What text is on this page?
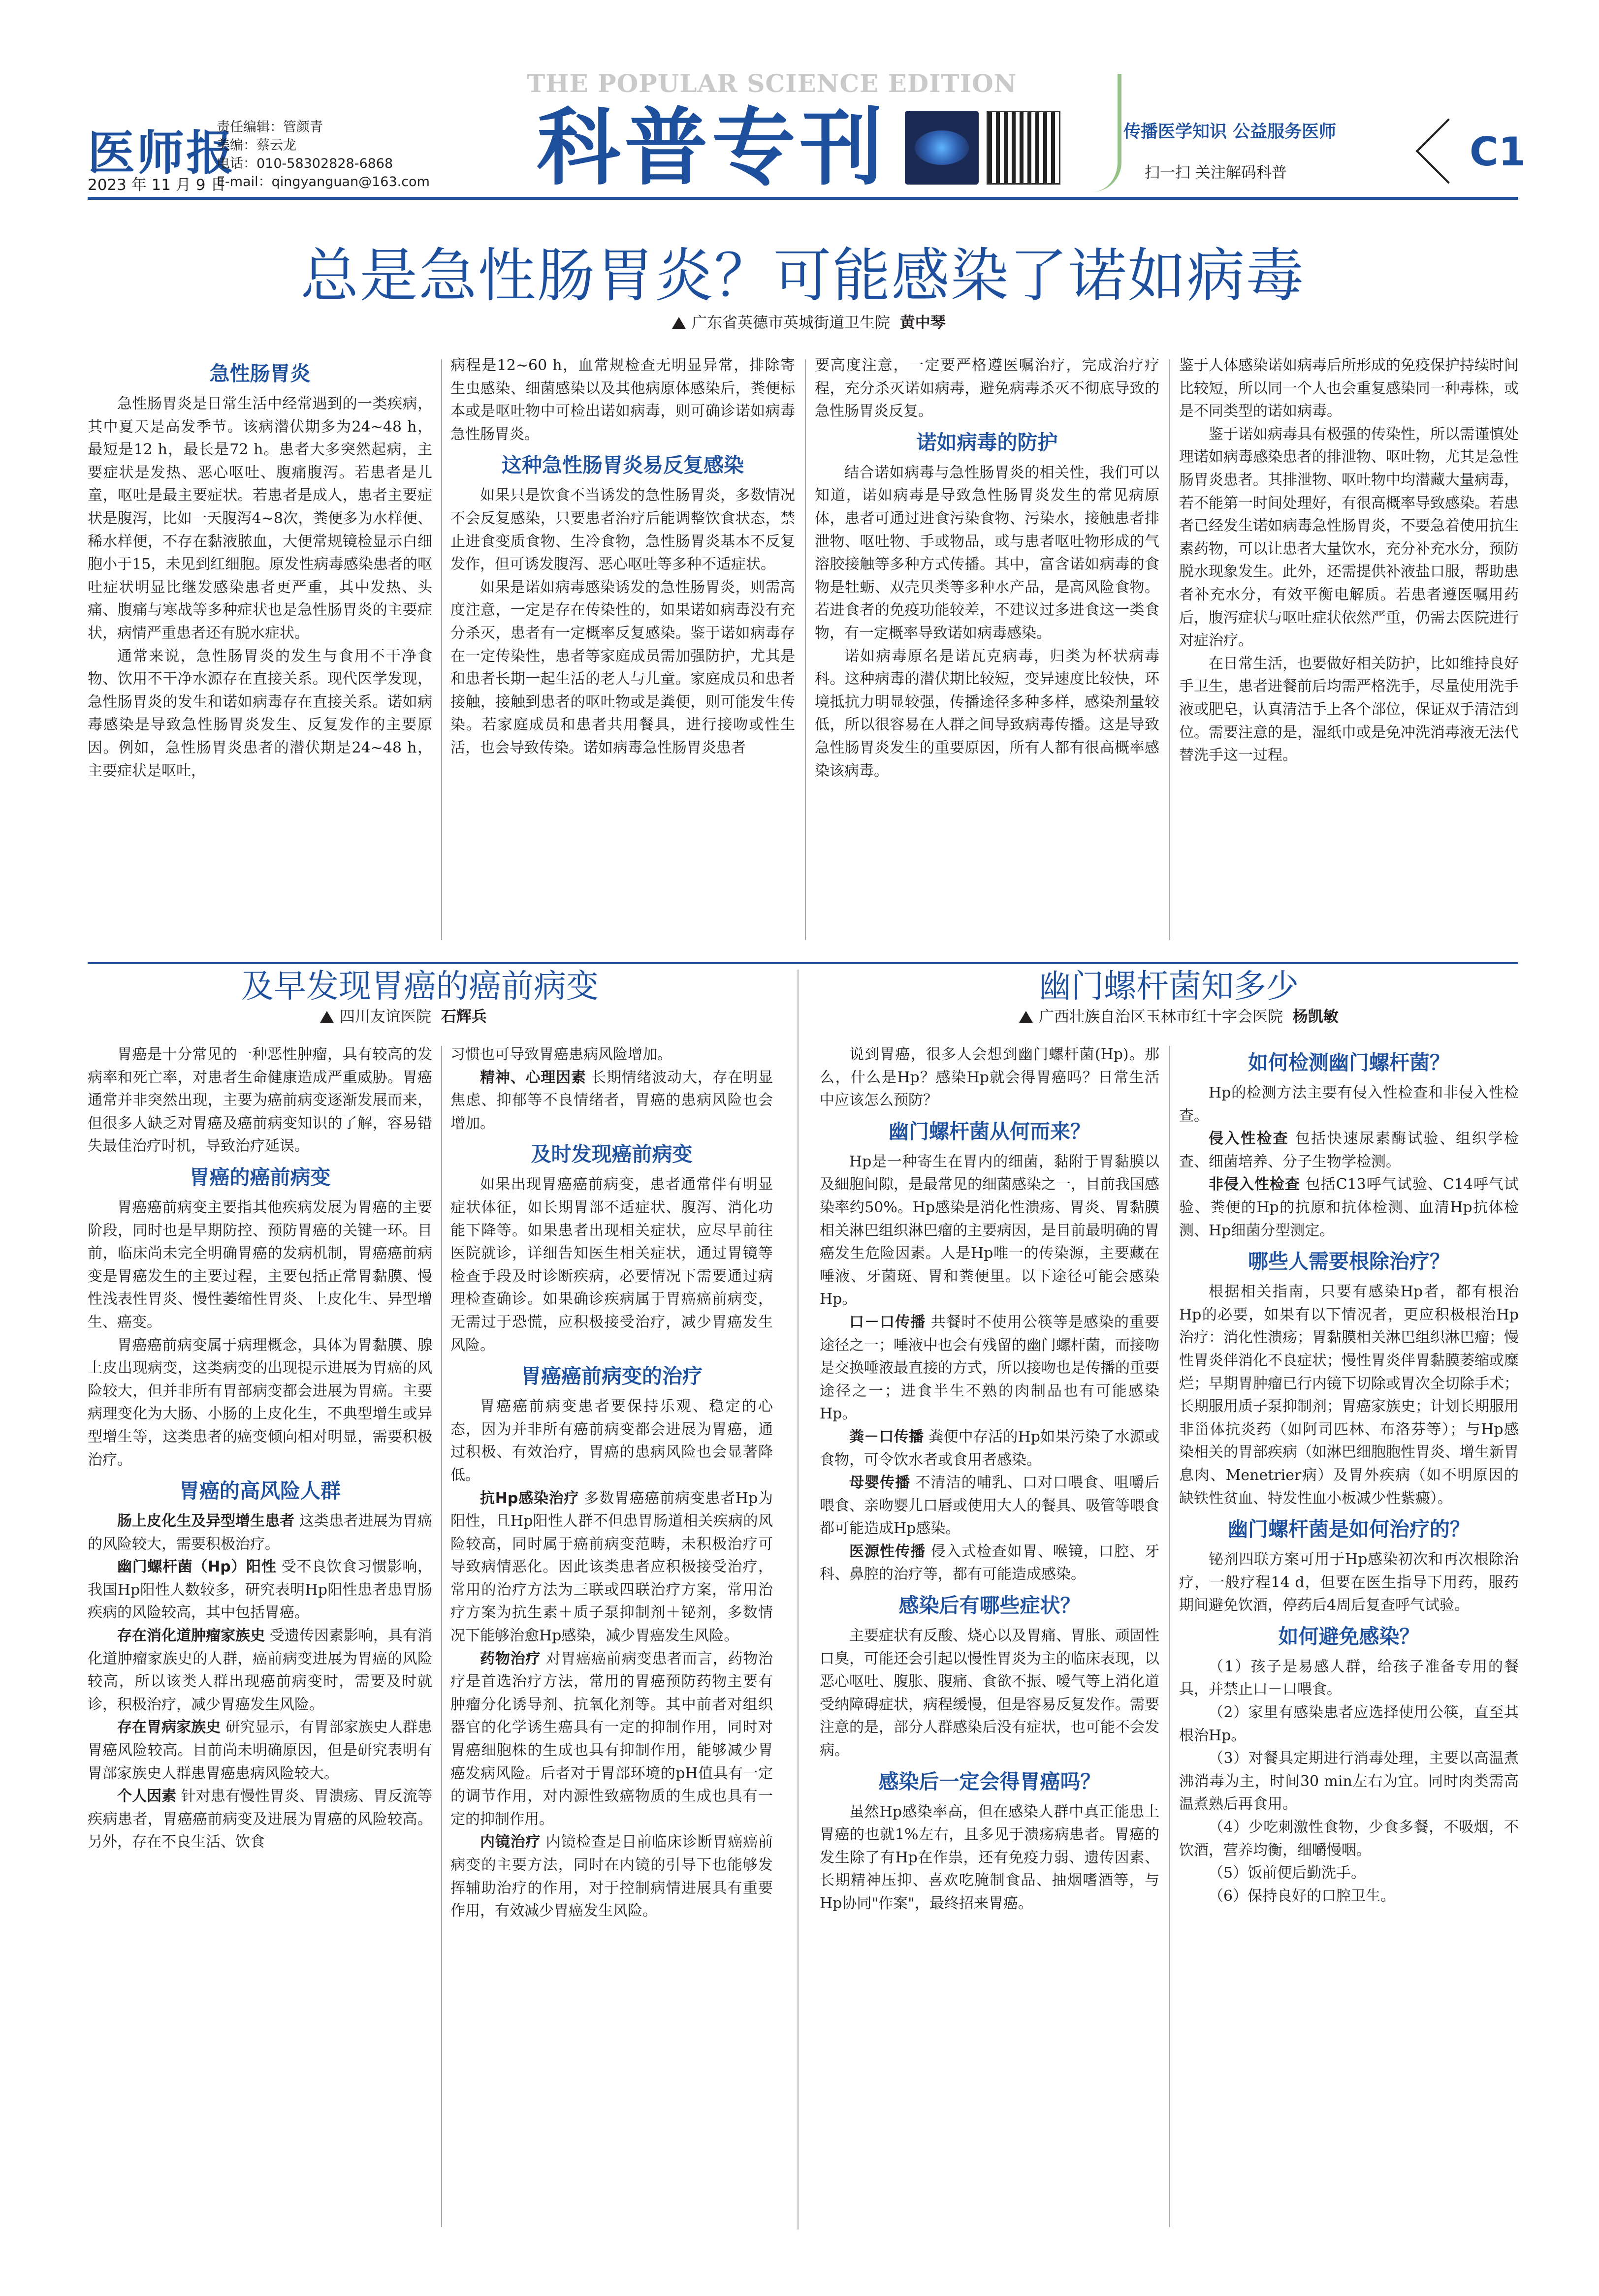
医师报
2023 年 11 月 9 日
责任编辑：管颜青
美编：蔡云龙
电话：010-58302828-6868
E-mail：qingyanguan@163.com
THE POPULAR SCIENCE EDITION
科普专刊	传播医学知识 公益服务医师
扫一扫 关注解码科普	C1
总是急性肠胃炎？可能感染了诺如病毒
广东省英德市英城街道卫生院 黄中琴
急性肠胃炎

急性肠胃炎是日常生活中经常遇到的一类疾病，其中夏天是高发季节。该病潜伏期多为24~48 h，最短是12 h，最长是72 h。患者大多突然起病，主要症状是发热、恶心呕吐、腹痛腹泻。若患者是儿童，呕吐是最主要症状。若患者是成人，患者主要症状是腹泻，比如一天腹泻4~8次，粪便多为水样便、稀水样便，不存在黏液脓血，大便常规镜检显示白细胞小于15，未见到红细胞。原发性病毒感染患者的呕吐症状明显比继发感染患者更严重，其中发热、头痛、腹痛与寒战等多种症状也是急性肠胃炎的主要症状，病情严重患者还有脱水症状。

通常来说，急性肠胃炎的发生与食用不干净食物、饮用不干净水源存在直接关系。现代医学发现，急性肠胃炎的发生和诺如病毒存在直接关系。诺如病毒感染是导致急性肠胃炎发生、反复发作的主要原因。例如，急性肠胃炎患者的潜伏期是24~48 h，主要症状是呕吐，

病程是12~60 h，血常规检查无明显异常，排除寄生虫感染、细菌感染以及其他病原体感染后，粪便标本或是呕吐物中可检出诺如病毒，则可确诊诺如病毒急性肠胃炎。

这种急性肠胃炎易反复感染

如果只是饮食不当诱发的急性肠胃炎，多数情况不会反复感染，只要患者治疗后能调整饮食状态，禁止进食变质食物、生冷食物，急性肠胃炎基本不反复发作，但可诱发腹泻、恶心呕吐等多种不适症状。

如果是诺如病毒感染诱发的急性肠胃炎，则需高度注意，一定是存在传染性的，如果诺如病毒没有充分杀灭，患者有一定概率反复感染。鉴于诺如病毒存在一定传染性，患者等家庭成员需加强防护，尤其是和患者长期一起生活的老人与儿童。家庭成员和患者接触，接触到患者的呕吐物或是粪便，则可能发生传染。若家庭成员和患者共用餐具，进行接吻或性生活，也会导致传染。诺如病毒急性肠胃炎患者

要高度注意，一定要严格遵医嘱治疗，完成治疗疗程，充分杀灭诺如病毒，避免病毒杀灭不彻底导致的急性肠胃炎反复。

诺如病毒的防护

结合诺如病毒与急性肠胃炎的相关性，我们可以知道，诺如病毒是导致急性肠胃炎发生的常见病原体，患者可通过进食污染食物、污染水，接触患者排泄物、呕吐物、手或物品，或与患者呕吐物形成的气溶胶接触等多种方式传播。其中，富含诺如病毒的食物是牡蛎、双壳贝类等多种水产品，是高风险食物。若进食者的免疫功能较差，不建议过多进食这一类食物，有一定概率导致诺如病毒感染。

诺如病毒原名是诺瓦克病毒，归类为杯状病毒科。这种病毒的潜伏期比较短，变异速度比较快，环境抵抗力明显较强，传播途径多种多样，感染剂量较低，所以很容易在人群之间导致病毒传播。这是导致急性肠胃炎发生的重要原因，所有人都有很高概率感染该病毒。

鉴于人体感染诺如病毒后所形成的免疫保护持续时间比较短，所以同一个人也会重复感染同一种毒株，或是不同类型的诺如病毒。

鉴于诺如病毒具有极强的传染性，所以需谨慎处理诺如病毒感染患者的排泄物、呕吐物，尤其是急性肠胃炎患者。其排泄物、呕吐物中均潜藏大量病毒，若不能第一时间处理好，有很高概率导致感染。若患者已经发生诺如病毒急性肠胃炎，不要急着使用抗生素药物，可以让患者大量饮水，充分补充水分，预防脱水现象发生。此外，还需提供补液盐口服，帮助患者补充水分，有效平衡电解质。若患者遵医嘱用药后，腹泻症状与呕吐症状依然严重，仍需去医院进行对症治疗。

在日常生活，也要做好相关防护，比如维持良好手卫生，患者进餐前后均需严格洗手，尽量使用洗手液或肥皂，认真清洁手上各个部位，保证双手清洁到位。需要注意的是，湿纸巾或是免冲洗消毒液无法代替洗手这一过程。

及早发现胃癌的癌前病变
四川友谊医院 石辉兵

胃癌是十分常见的一种恶性肿瘤，具有较高的发病率和死亡率，对患者生命健康造成严重威胁。胃癌通常并非突然出现，主要为癌前病变逐渐发展而来，但很多人缺乏对胃癌及癌前病变知识的了解，容易错失最佳治疗时机，导致治疗延误。

胃癌的癌前病变

胃癌癌前病变主要指其他疾病发展为胃癌的主要阶段，同时也是早期防控、预防胃癌的关键一环。目前，临床尚未完全明确胃癌的发病机制，胃癌癌前病变是胃癌发生的主要过程，主要包括正常胃黏膜、慢性浅表性胃炎、慢性萎缩性胃炎、上皮化生、异型增生、癌变。

胃癌癌前病变属于病理概念，具体为胃黏膜、腺上皮出现病变，这类病变的出现提示进展为胃癌的风险较大，但并非所有胃部病变都会进展为胃癌。主要病理变化为大肠、小肠的上皮化生，不典型增生或异型增生等，这类患者的癌变倾向相对明显，需要积极治疗。

胃癌的高风险人群

肠上皮化生及异型增生患者 这类患者进展为胃癌的风险较大，需要积极治疗。

幽门螺杆菌（Hp）阳性 受不良饮食习惯影响，我国Hp阳性人数较多，研究表明Hp阳性患者患胃肠疾病的风险较高，其中包括胃癌。

存在消化道肿瘤家族史 受遗传因素影响，具有消化道肿瘤家族史的人群，癌前病变进展为胃癌的风险较高，所以该类人群出现癌前病变时，需要及时就诊，积极治疗，减少胃癌发生风险。

存在胃病家族史 研究显示，有胃部家族史人群患胃癌风险较高。目前尚未明确原因，但是研究表明有胃部家族史人群患胃癌患病风险较大。

个人因素 针对患有慢性胃炎、胃溃疡、胃反流等疾病患者，胃癌癌前病变及进展为胃癌的风险较高。另外，存在不良生活、饮食

习惯也可导致胃癌患病风险增加。

精神、心理因素 长期情绪波动大，存在明显焦虑、抑郁等不良情绪者，胃癌的患病风险也会增加。

及时发现癌前病变

如果出现胃癌癌前病变，患者通常伴有明显症状体征，如长期胃部不适症状、腹泻、消化功能下降等。如果患者出现相关症状，应尽早前往医院就诊，详细告知医生相关症状，通过胃镜等检查手段及时诊断疾病，必要情况下需要通过病理检查确诊。如果确诊疾病属于胃癌癌前病变，无需过于恐慌，应积极接受治疗，减少胃癌发生风险。

胃癌癌前病变的治疗

胃癌癌前病变患者要保持乐观、稳定的心态，因为并非所有癌前病变都会进展为胃癌，通过积极、有效治疗，胃癌的患病风险也会显著降低。

抗Hp感染治疗 多数胃癌癌前病变患者Hp为阳性，且Hp阳性人群不但患胃肠道相关疾病的风险较高，同时属于癌前病变范畴，未积极治疗可导致病情恶化。因此该类患者应积极接受治疗，常用的治疗方法为三联或四联治疗方案，常用治疗方案为抗生素＋质子泵抑制剂＋铋剂，多数情况下能够治愈Hp感染，减少胃癌发生风险。

药物治疗 对胃癌癌前病变患者而言，药物治疗是首选治疗方法，常用的胃癌预防药物主要有肿瘤分化诱导剂、抗氧化剂等。其中前者对组织器官的化学诱生癌具有一定的抑制作用，同时对胃癌细胞株的生成也具有抑制作用，能够减少胃癌发病风险。后者对于胃部环境的pH值具有一定的调节作用，对内源性致癌物质的生成也具有一定的抑制作用。

内镜治疗 内镜检查是目前临床诊断胃癌癌前病变的主要方法，同时在内镜的引导下也能够发挥辅助治疗的作用，对于控制病情进展具有重要作用，有效减少胃癌发生风险。

幽门螺杆菌知多少
广西壮族自治区玉林市红十字会医院 杨凯敏

说到胃癌，很多人会想到幽门螺杆菌(Hp)。那么，什么是Hp？感染Hp就会得胃癌吗？日常生活中应该怎么预防？

幽门螺杆菌从何而来？

Hp是一种寄生在胃内的细菌，黏附于胃黏膜以及細胞间隙，是最常见的细菌感染之一，目前我国感染率约50%。Hp感染是消化性溃疡、胃炎、胃黏膜相关淋巴组织淋巴瘤的主要病因，是目前最明确的胃癌发生危险因素。人是Hp唯一的传染源，主要藏在唾液、牙菌斑、胃和粪便里。以下途径可能会感染Hp。

口－口传播 共餐时不使用公筷等是感染的重要途径之一；唾液中也会有残留的幽门螺杆菌，而接吻是交换唾液最直接的方式，所以接吻也是传播的重要途径之一；进食半生不熟的肉制品也有可能感染Hp。

粪－口传播 粪便中存活的Hp如果污染了水源或食物，可令饮水者或食用者感染。

母婴传播 不清洁的哺乳、口对口喂食、咀嚼后喂食、亲吻婴儿口唇或使用大人的餐具、吸管等喂食都可能造成Hp感染。

医源性传播 侵入式检查如胃、喉镜，口腔、牙科、鼻腔的治疗等，都有可能造成感染。

感染后有哪些症状？

主要症状有反酸、烧心以及胃痛、胃胀、顽固性口臭，可能还会引起以慢性胃炎为主的临床表现，以恶心呕吐、腹胀、腹痛、食欲不振、嗳气等上消化道受纳障碍症状，病程缓慢，但是容易反复发作。需要注意的是，部分人群感染后没有症状，也可能不会发病。

感染后一定会得胃癌吗？

虽然Hp感染率高，但在感染人群中真正能患上胃癌的也就1%左右，且多见于溃疡病患者。胃癌的发生除了有Hp在作祟，还有免疫力弱、遗传因素、长期精神压抑、喜欢吃腌制食品、抽烟嗜酒等，与Hp协同"作案"，最终招来胃癌。

如何检测幽门螺杆菌？

Hp的检测方法主要有侵入性检查和非侵入性检查。

侵入性检查 包括快速尿素酶试验、组织学检查、细菌培养、分子生物学检测。

非侵入性检查 包括C13呼气试验、C14呼气试验、粪便的Hp的抗原和抗体检测、血清Hp抗体检测、Hp细菌分型测定。

哪些人需要根除治疗？

根据相关指南，只要有感染Hp者，都有根治Hp的必要，如果有以下情况者，更应积极根治Hp治疗：消化性溃疡；胃黏膜相关淋巴组织淋巴瘤；慢性胃炎伴消化不良症状；慢性胃炎伴胃黏膜萎缩或糜烂；早期胃肿瘤已行内镜下切除或胃次全切除手术；长期服用质子泵抑制剂；胃癌家族史；计划长期服用非甾体抗炎药（如阿司匹林、布洛芬等）；与Hp感染相关的胃部疾病（如淋巴细胞胞性胃炎、增生新胃息肉、Menetrier病）及胃外疾病（如不明原因的缺铁性贫血、特发性血小板减少性紫癜）。

幽门螺杆菌是如何治疗的？

铋剂四联方案可用于Hp感染初次和再次根除治疗，一般疗程14 d，但要在医生指导下用药，服药期间避免饮酒，停药后4周后复查呼气试验。

如何避免感染？

（1）孩子是易感人群，给孩子准备专用的餐具，并禁止口－口喂食。

（2）家里有感染患者应选择使用公筷，直至其根治Hp。

（3）对餐具定期进行消毒处理，主要以高温煮沸消毒为主，时间30 min左右为宜。同时肉类需高温煮熟后再食用。

（4）少吃刺激性食物，少食多餐，不吸烟，不饮酒，营养均衡，细嚼慢咽。

（5）饭前便后勤洗手。

（6）保持良好的口腔卫生。
